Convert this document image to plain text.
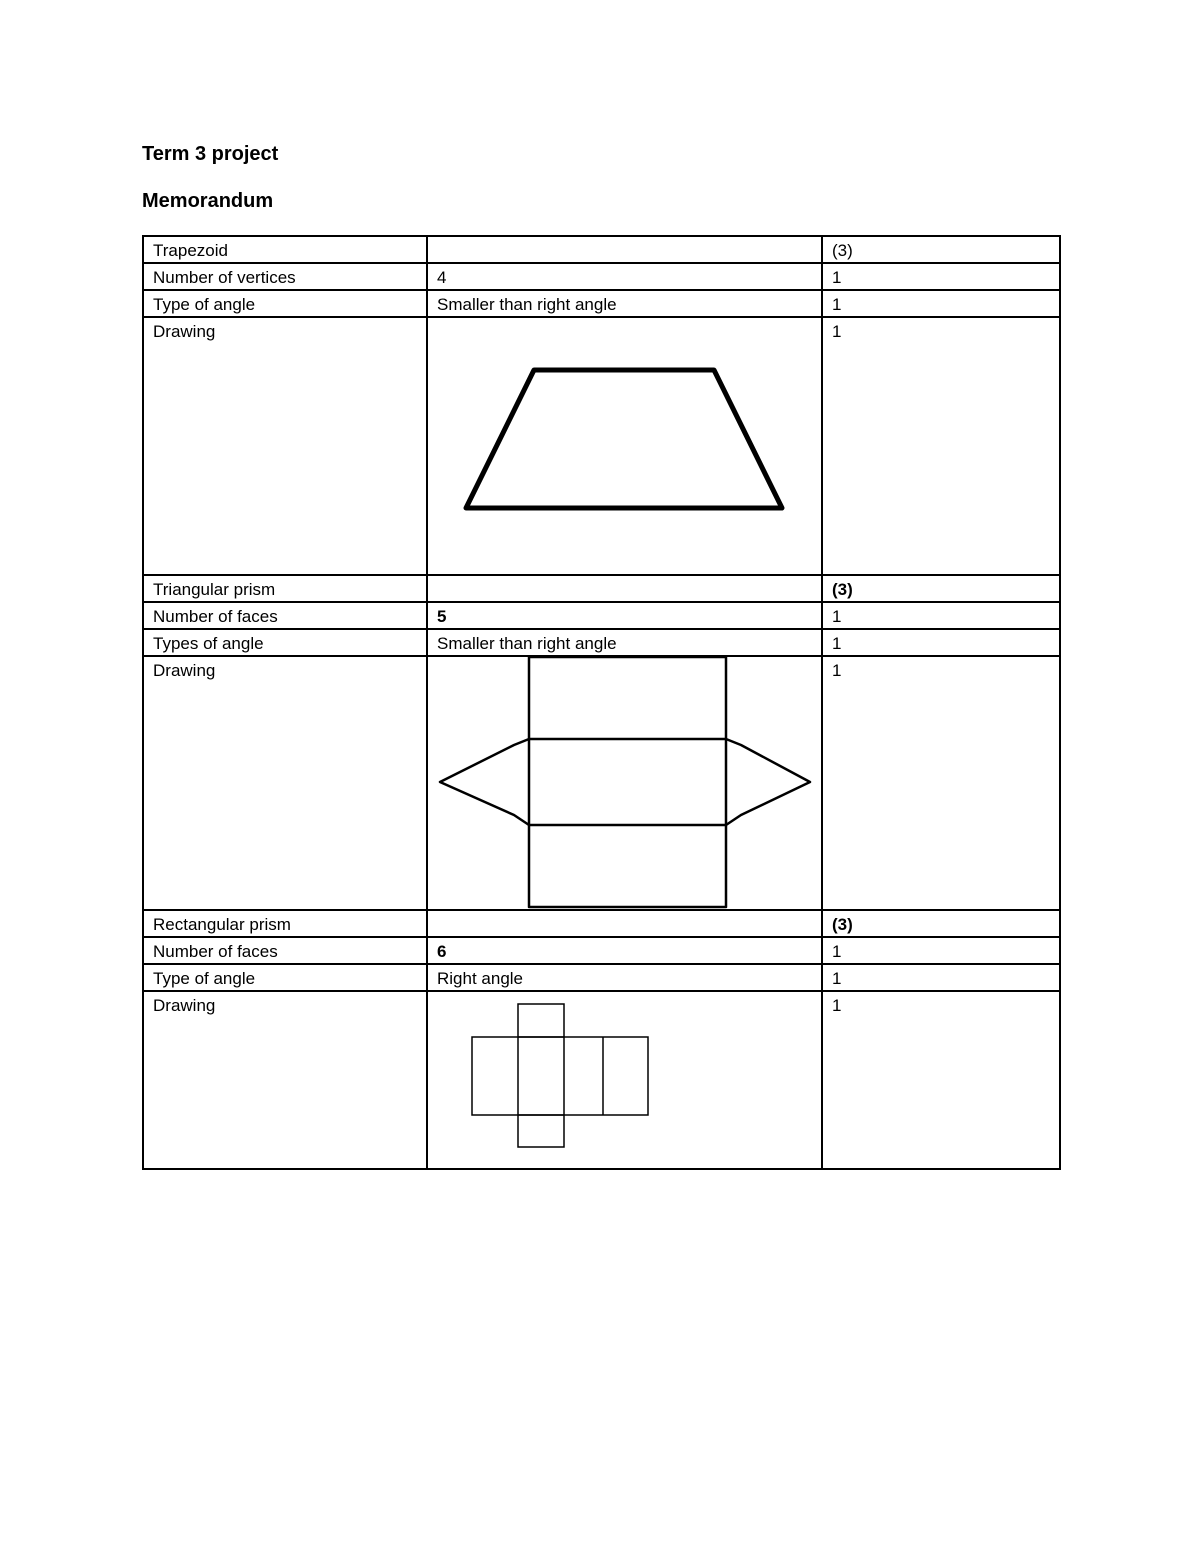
Term 3 project
Memorandum
Trapezoid		(3)
Number of vertices	4	1
Type of angle	Smaller than right angle	1
Drawing		1
Triangular prism		(3)
Number of faces	5	1
Types of angle	Smaller than right angle	1
Drawing		1
Rectangular prism		(3)
Number of faces	6	1
Type of angle	Right angle	1
Drawing		1
